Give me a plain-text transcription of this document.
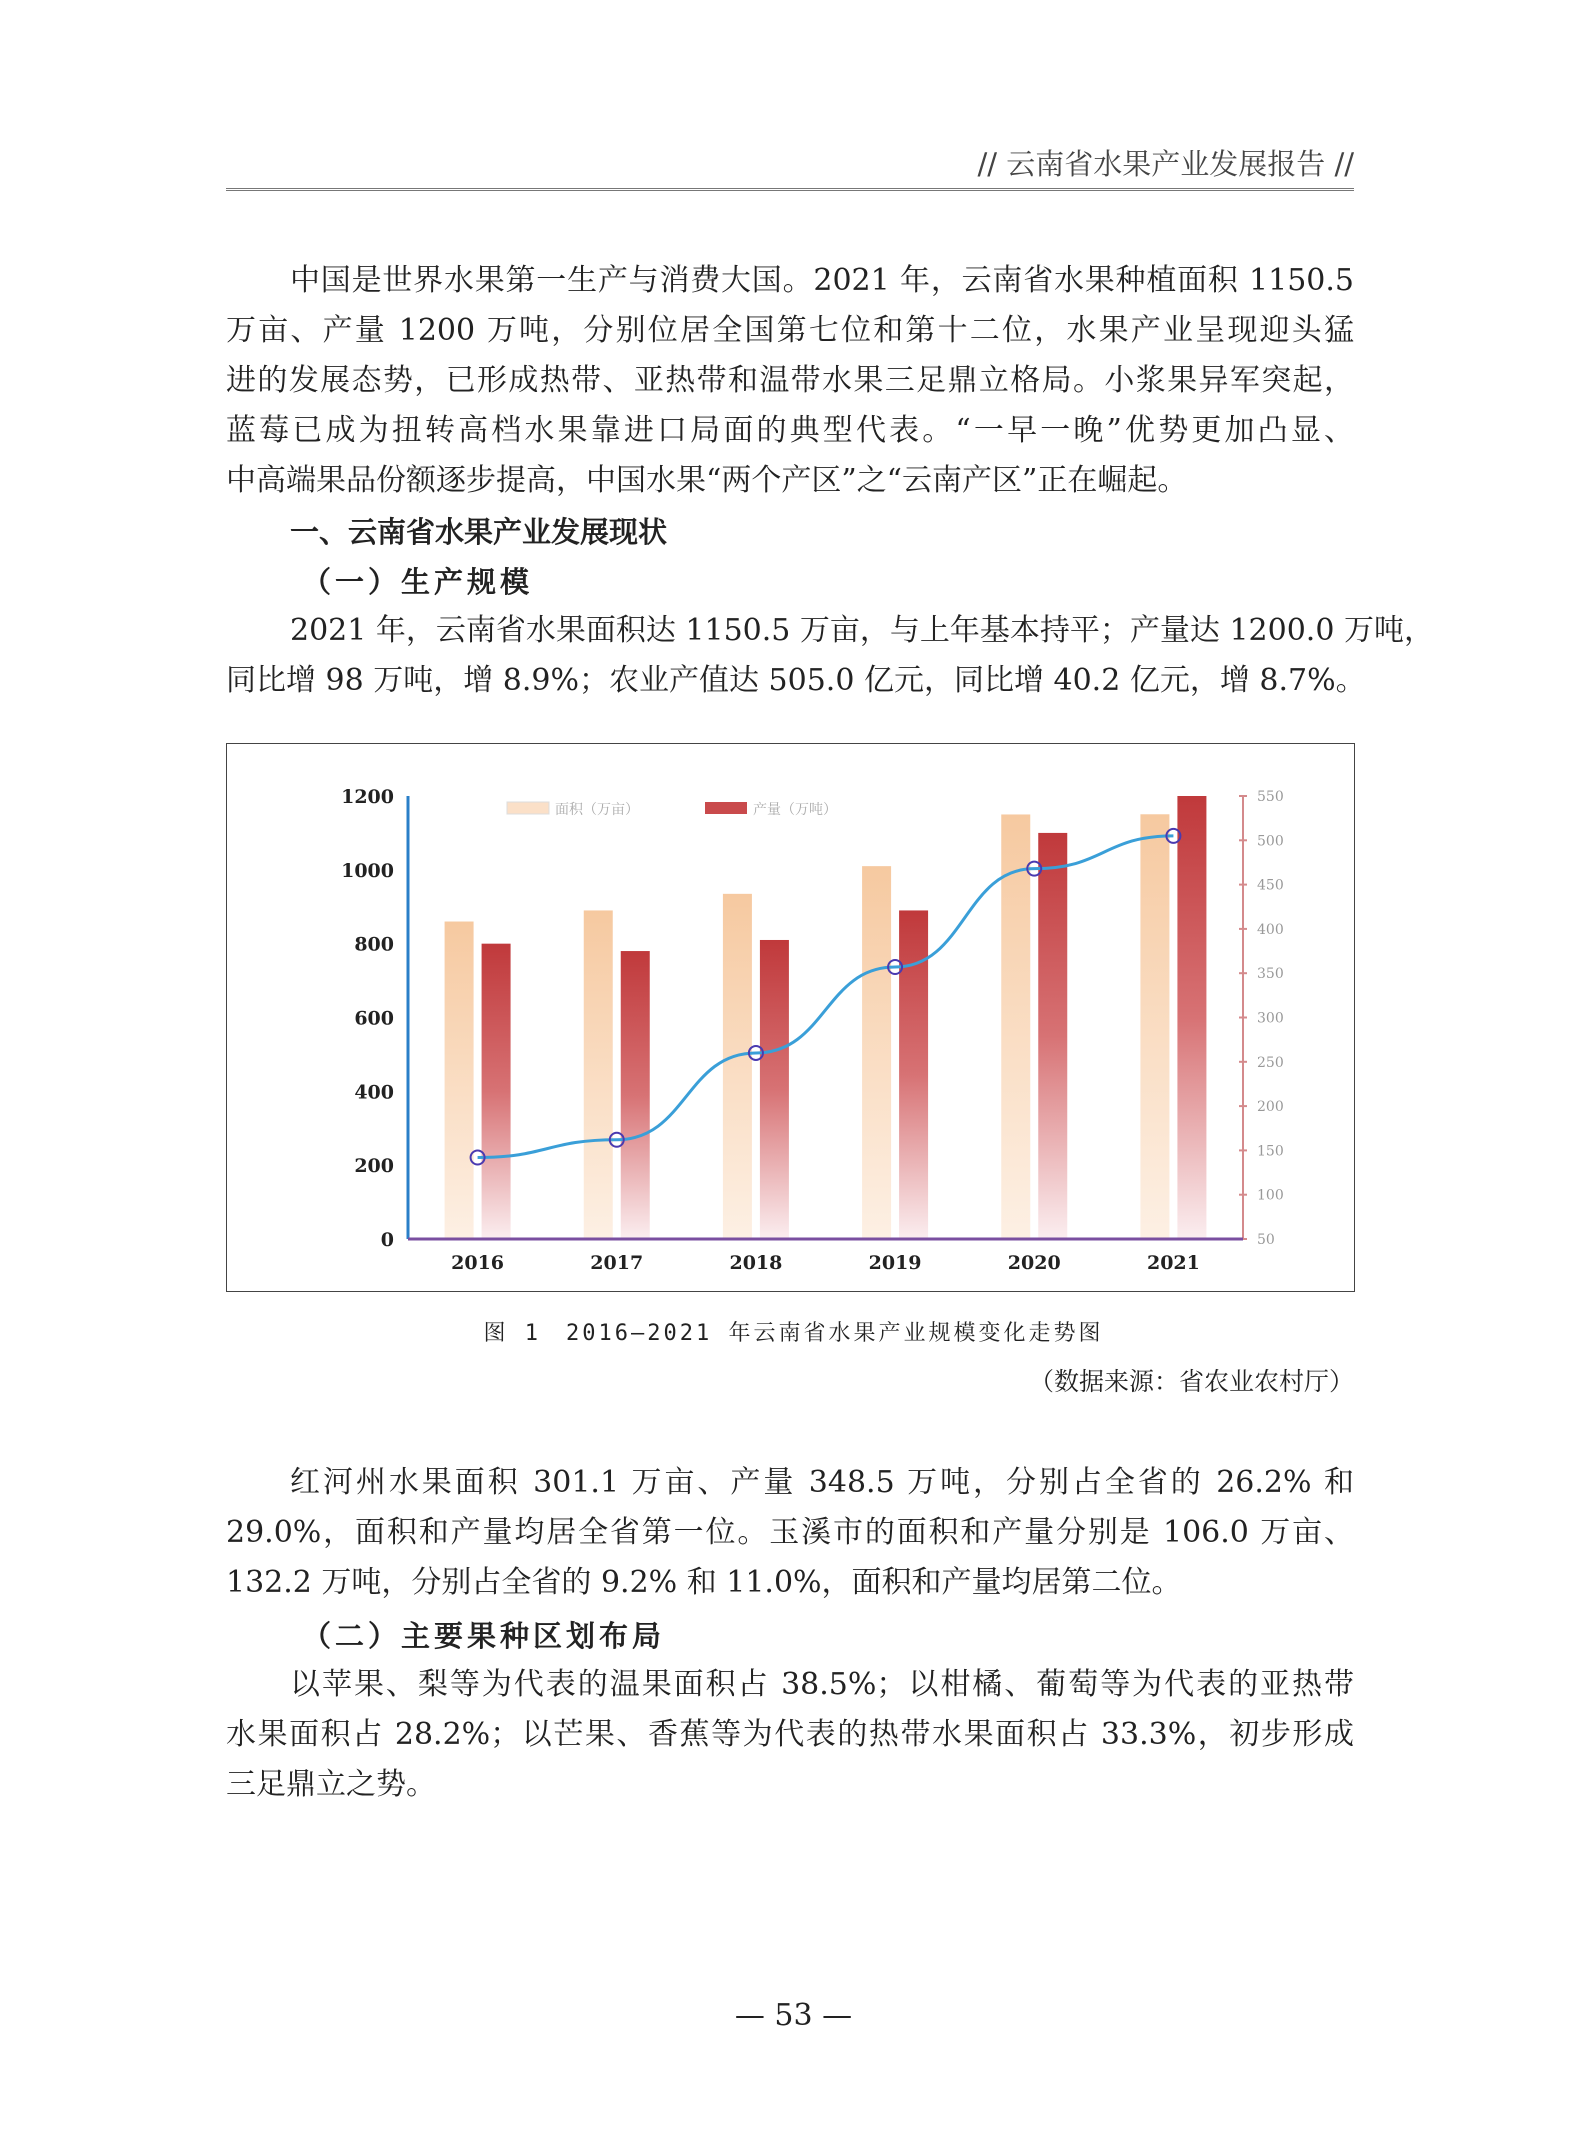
// 云南省水果产业发展报告 //
中国是世界水果第一生产与消费大国。2021 年，云南省水果种植面积 1150.5
万亩、产量 1200 万吨，分别位居全国第七位和第十二位，水果产业呈现迎头猛
进的发展态势，已形成热带、亚热带和温带水果三足鼎立格局。小浆果异军突起，
蓝莓已成为扭转高档水果靠进口局面的典型代表。“一早一晚”优势更加凸显、
中高端果品份额逐步提高，中国水果“两个产区”之“云南产区”正在崛起。
一、云南省水果产业发展现状
（一）生产规模
2021 年，云南省水果面积达 1150.5 万亩，与上年基本持平；产量达 1200.0 万吨，
同比增 98 万吨，增 8.9%；农业产值达 505.0 亿元，同比增 40.2 亿元，增 8.7%。
0
200
400
600
800
1000
1200
50
100
150
200
250
300
350
400
450
500
550
2016	2017	2018	2019	2020	2021
面积（万亩）	产量（万吨）
图 1　2016—2021 年云南省水果产业规模变化走势图
（数据来源：省农业农村厅）
红河州水果面积 301.1 万亩、产量 348.5 万吨，分别占全省的 26.2% 和
29.0%，面积和产量均居全省第一位。玉溪市的面积和产量分别是 106.0 万亩、
132.2 万吨，分别占全省的 9.2% 和 11.0%，面积和产量均居第二位。
（二）主要果种区划布局
以苹果、梨等为代表的温果面积占 38.5%；以柑橘、葡萄等为代表的亚热带
水果面积占 28.2%；以芒果、香蕉等为代表的热带水果面积占 33.3%，初步形成
三足鼎立之势。
— 53 —
